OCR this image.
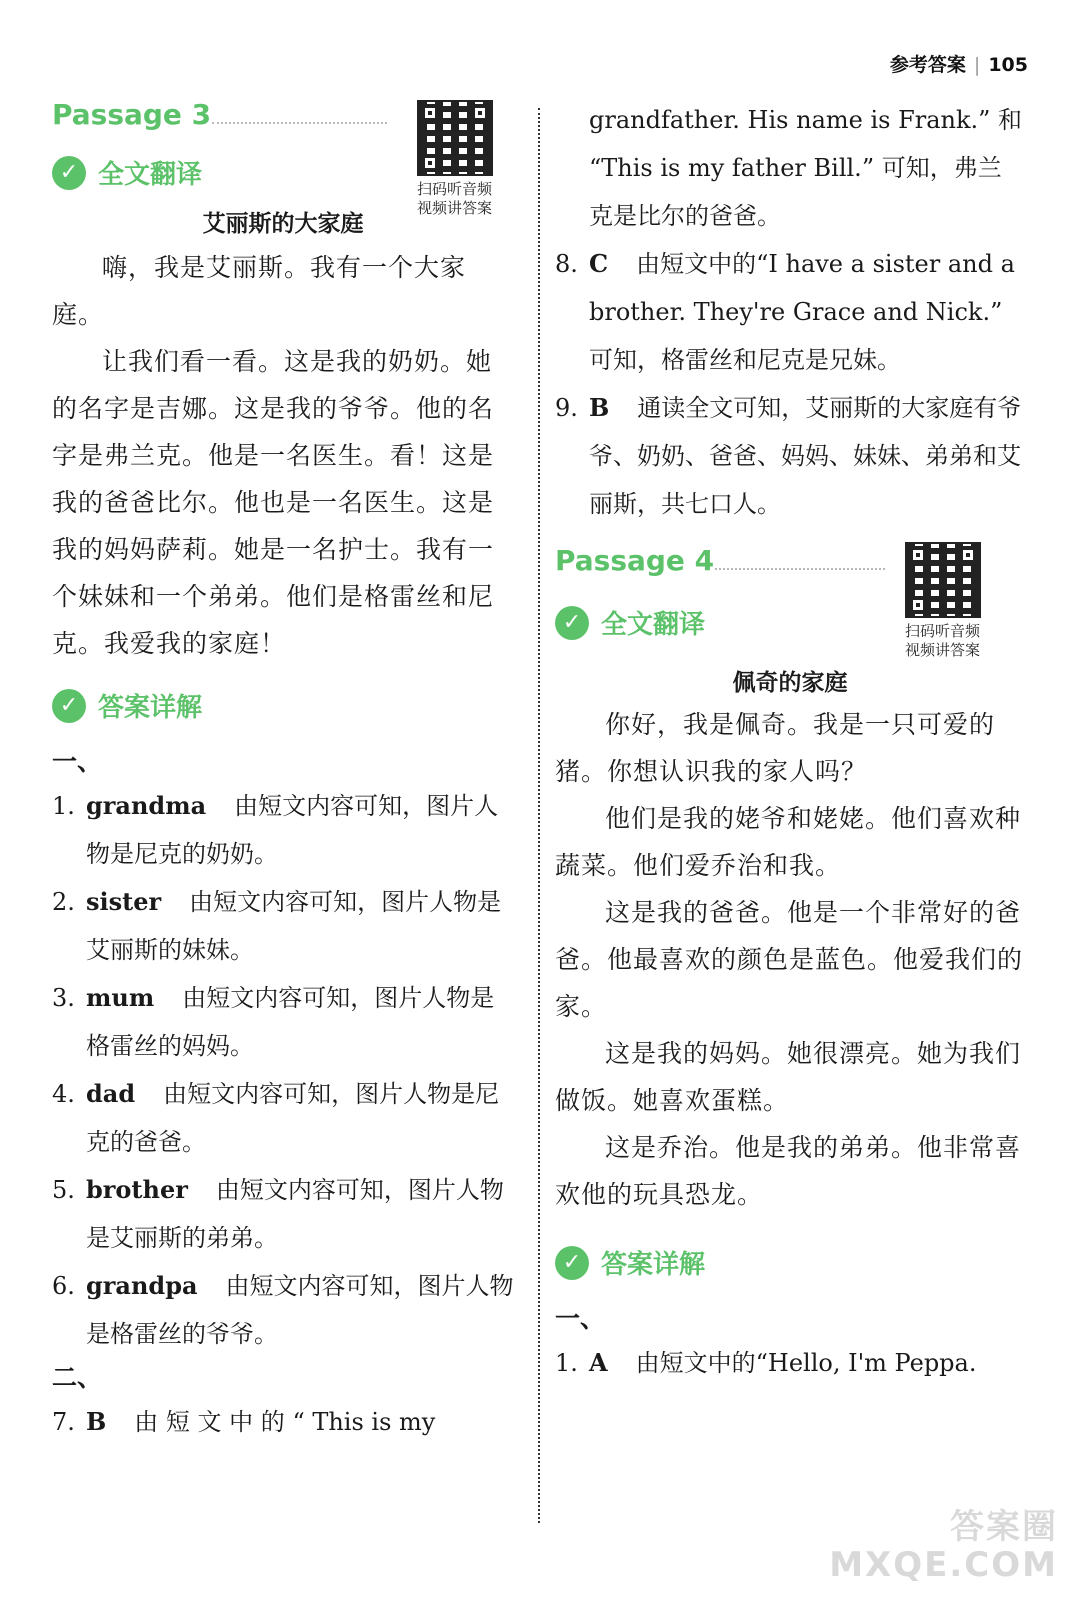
参考答案 | 105
Passage 3
扫码听音频
视频讲答案
✓ 全文翻译
艾丽斯的大家庭

嗨，我是艾丽斯。我有一个大家庭。

让我们看一看。这是我的奶奶。她的名字是吉娜。这是我的爷爷。他的名字是弗兰克。他是一名医生。看！这是我的爸爸比尔。他也是一名医生。这是我的妈妈萨莉。她是一名护士。我有一个妹妹和一个弟弟。他们是格雷丝和尼克。我爱我的家庭！

✓ 答案详解
一、
1. grandma 由短文内容可知，图片人物是尼克的奶奶。
2. sister 由短文内容可知，图片人物是艾丽斯的妹妹。
3. mum 由短文内容可知，图片人物是格雷丝的妈妈。
4. dad 由短文内容可知，图片人物是尼克的爸爸。
5. brother 由短文内容可知，图片人物是艾丽斯的弟弟。
6. grandpa 由短文内容可知，图片人物是格雷丝的爷爷。
二、
7. B 由 短 文 中 的 “ This is my
grandfather. His name is Frank.” 和 “This is my father Bill.” 可知，弗兰克是比尔的爸爸。
8. C 由短文中的“I have a sister and a brother. They're Grace and Nick.” 可知，格雷丝和尼克是兄妹。
9. B 通读全文可知，艾丽斯的大家庭有爷爷、奶奶、爸爸、妈妈、妹妹、弟弟和艾丽斯，共七口人。
Passage 4
扫码听音频
视频讲答案
✓ 全文翻译
佩奇的家庭

你好，我是佩奇。我是一只可爱的猪。你想认识我的家人吗？

他们是我的姥爷和姥姥。他们喜欢种蔬菜。他们爱乔治和我。

这是我的爸爸。他是一个非常好的爸爸。他最喜欢的颜色是蓝色。他爱我们的家。

这是我的妈妈。她很漂亮。她为我们做饭。她喜欢蛋糕。

这是乔治。他是我的弟弟。他非常喜欢他的玩具恐龙。

✓ 答案详解
一、
1. A 由短文中的“Hello, I'm Peppa.
答案圈
MXQE.COM
